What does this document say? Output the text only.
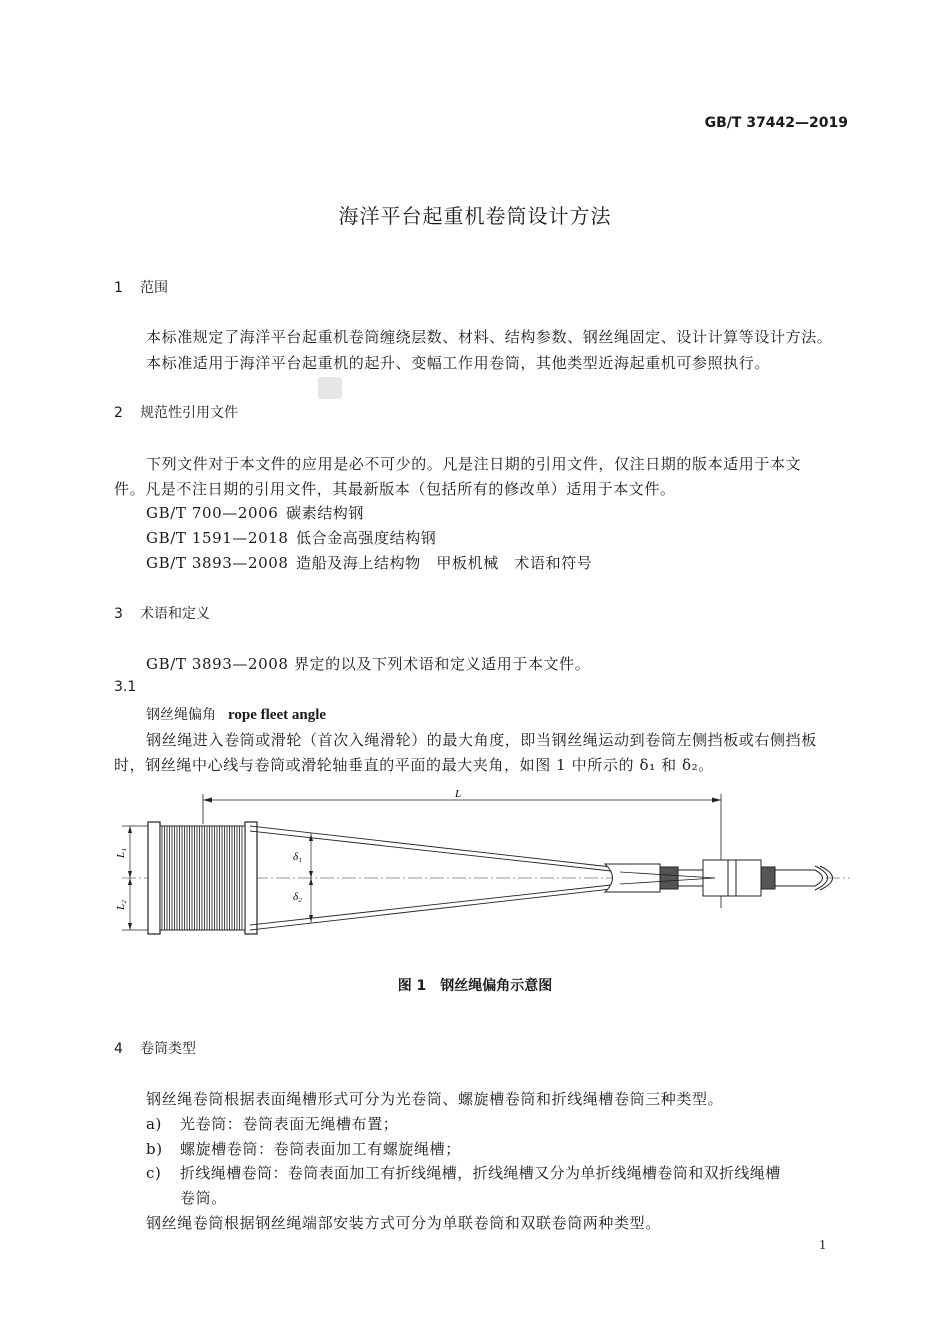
GB/T 37442—2019
海洋平台起重机卷筒设计方法
1 范围
本标准规定了海洋平台起重机卷筒缠绕层数、材料、结构参数、钢丝绳固定、设计计算等设计方法。
本标准适用于海洋平台起重机的起升、变幅工作用卷筒，其他类型近海起重机可参照执行。
2 规范性引用文件
下列文件对于本文件的应用是必不可少的。凡是注日期的引用文件，仅注日期的版本适用于本文
件。凡是不注日期的引用文件，其最新版本（包括所有的修改单）适用于本文件。
GB/T 700—2006 碳素结构钢
GB/T 1591—2018 低合金高强度结构钢
GB/T 3893—2008 造船及海上结构物　甲板机械　术语和符号
3 术语和定义
GB/T 3893—2008 界定的以及下列术语和定义适用于本文件。
3.1
钢丝绳偏角 rope fleet angle
钢丝绳进入卷筒或滑轮（首次入绳滑轮）的最大角度，即当钢丝绳运动到卷筒左侧挡板或右侧挡板
时，钢丝绳中心线与卷筒或滑轮轴垂直的平面的最大夹角，如图 1 中所示的 δ₁ 和 δ₂。
L
L₁
L₂
δ₁
δ₂
图 1　钢丝绳偏角示意图
4 卷筒类型
钢丝绳卷筒根据表面绳槽形式可分为光卷筒、螺旋槽卷筒和折线绳槽卷筒三种类型。
a) 光卷筒：卷筒表面无绳槽布置；
b) 螺旋槽卷筒：卷筒表面加工有螺旋绳槽；
c) 折线绳槽卷筒：卷筒表面加工有折线绳槽，折线绳槽又分为单折线绳槽卷筒和双折线绳槽
卷筒。
钢丝绳卷筒根据钢丝绳端部安装方式可分为单联卷筒和双联卷筒两种类型。
1
